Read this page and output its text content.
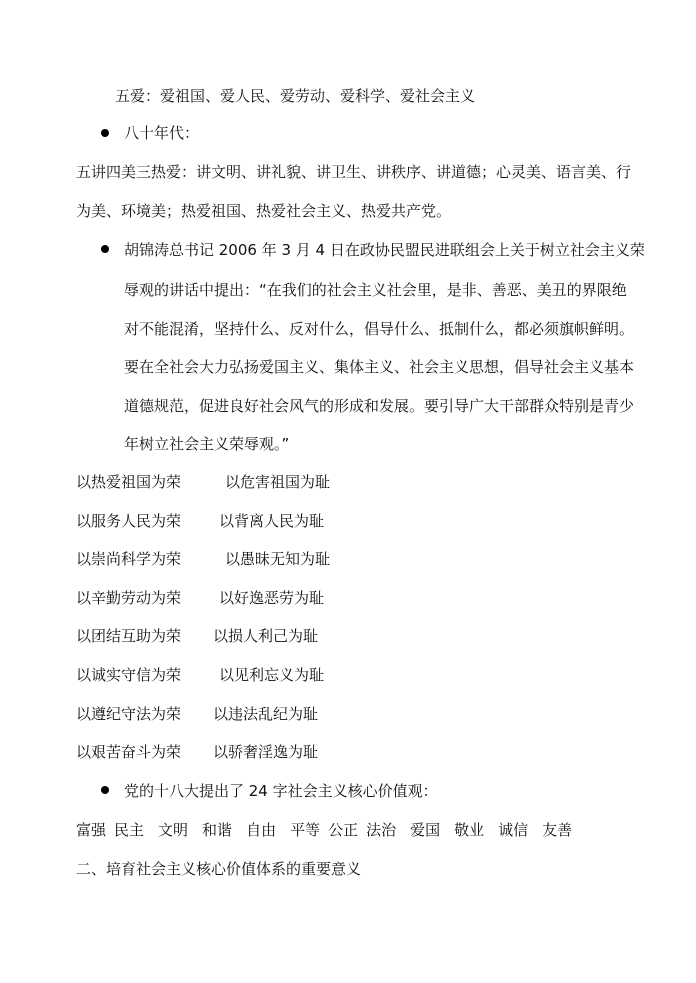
五爱：爱祖国、爱人民、爱劳动、爱科学、爱社会主义
八十年代：
五讲四美三热爱：讲文明、讲礼貌、讲卫生、讲秩序、讲道德；心灵美、语言美、行
为美、环境美；热爱祖国、热爱社会主义、热爱共产党。
胡锦涛总书记 2006 年 3 月 4 日在政协民盟民进联组会上关于树立社会主义荣
辱观的讲话中提出：“在我们的社会主义社会里，是非、善恶、美丑的界限绝
对不能混淆，坚持什么、反对什么，倡导什么、抵制什么，都必须旗帜鲜明。
要在全社会大力弘扬爱国主义、集体主义、社会主义思想，倡导社会主义基本
道德规范，促进良好社会风气的形成和发展。要引导广大干部群众特别是青少
年树立社会主义荣辱观。”
以热爱祖国为荣	以危害祖国为耻
以服务人民为荣	以背离人民为耻
以崇尚科学为荣	以愚昧无知为耻
以辛勤劳动为荣	以好逸恶劳为耻
以团结互助为荣 以损人利己为耻
以诚实守信为荣	以见利忘义为耻
以遵纪守法为荣 以违法乱纪为耻
以艰苦奋斗为荣 以骄奢淫逸为耻
党的十八大提出了 24 字社会主义核心价值观：
富强 民主 文明 和谐 自由 平等 公正 法治 爱国 敬业 诚信 友善
二、培育社会主义核心价值体系的重要意义
